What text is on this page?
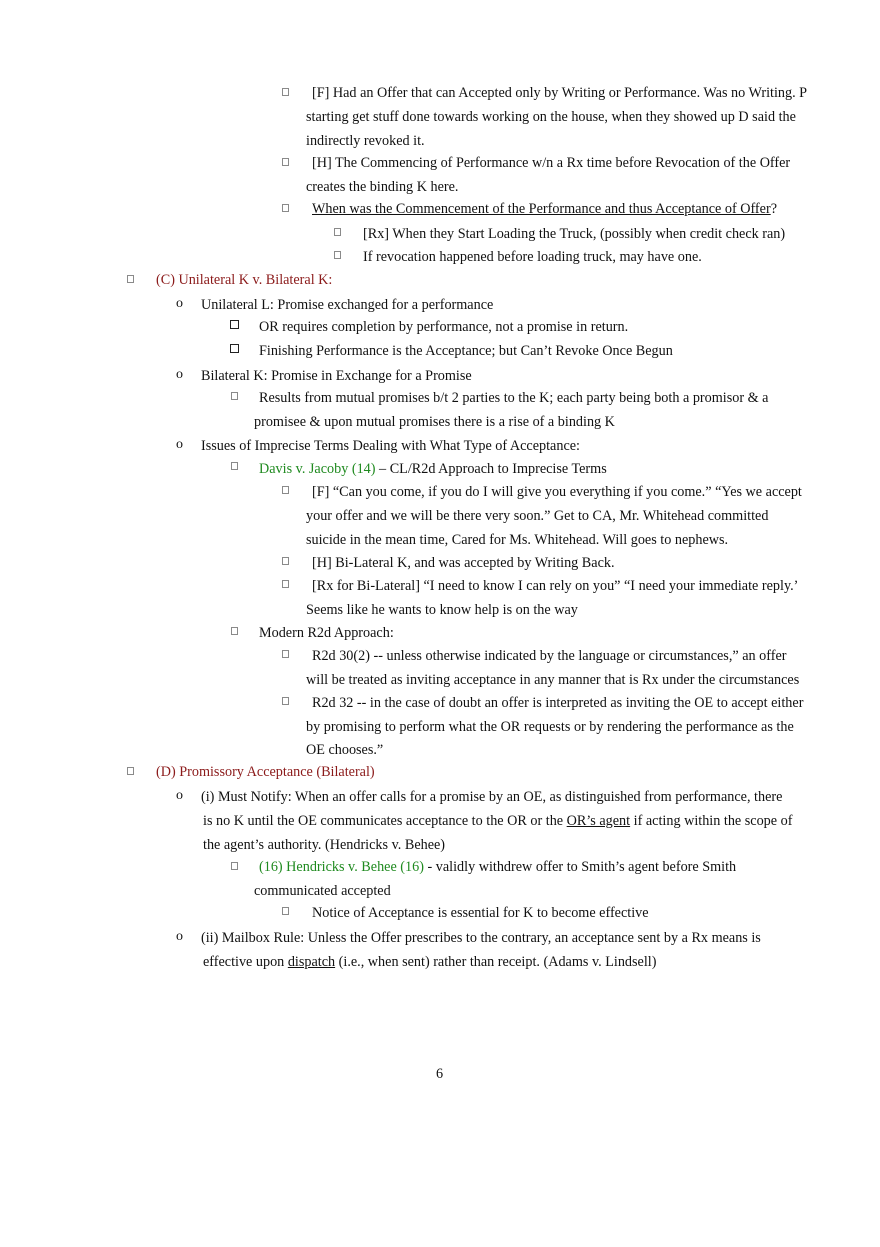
[F] Had an Offer that can Accepted only by Writing or Performance. Was no Writing. P
starting get stuff done towards working on the house, when they showed up D said the
indirectly revoked it.
[H] The Commencing of Performance w/n a Rx time before Revocation of the Offer
creates the binding K here.
When was the Commencement of the Performance and thus Acceptance of Offer?
[Rx] When they Start Loading the Truck, (possibly when credit check ran)
If revocation happened before loading truck, may have one.
(C) Unilateral K v. Bilateral K:
o Unilateral L: Promise exchanged for a performance
OR requires completion by performance, not a promise in return.
Finishing Performance is the Acceptance; but Can’t Revoke Once Begun
o Bilateral K: Promise in Exchange for a Promise
Results from mutual promises b/t 2 parties to the K; each party being both a promisor & a
promisee & upon mutual promises there is a rise of a binding K
o Issues of Imprecise Terms Dealing with What Type of Acceptance:
Davis v. Jacoby (14) – CL/R2d Approach to Imprecise Terms
[F] “Can you come, if you do I will give you everything if you come.” “Yes we accept
your offer and we will be there very soon.” Get to CA, Mr. Whitehead committed
suicide in the mean time, Cared for Ms. Whitehead. Will goes to nephews.
[H] Bi-Lateral K, and was accepted by Writing Back.
[Rx for Bi-Lateral] “I need to know I can rely on you” “I need your immediate reply.’
Seems like he wants to know help is on the way
Modern R2d Approach:
R2d 30(2) -- unless otherwise indicated by the language or circumstances,” an offer
will be treated as inviting acceptance in any manner that is Rx under the circumstances
R2d 32 -- in the case of doubt an offer is interpreted as inviting the OE to accept either
by promising to perform what the OR requests or by rendering the performance as the
OE chooses.”
(D) Promissory Acceptance (Bilateral)
o (i) Must Notify: When an offer calls for a promise by an OE, as distinguished from performance, there
is no K until the OE communicates acceptance to the OR or the OR’s agent if acting within the scope of
the agent’s authority. (Hendricks v. Behee)
(16) Hendricks v. Behee (16) - validly withdrew offer to Smith’s agent before Smith
communicated accepted
Notice of Acceptance is essential for K to become effective
o (ii) Mailbox Rule: Unless the Offer prescribes to the contrary, an acceptance sent by a Rx means is
effective upon dispatch (i.e., when sent) rather than receipt. (Adams v. Lindsell)
6
